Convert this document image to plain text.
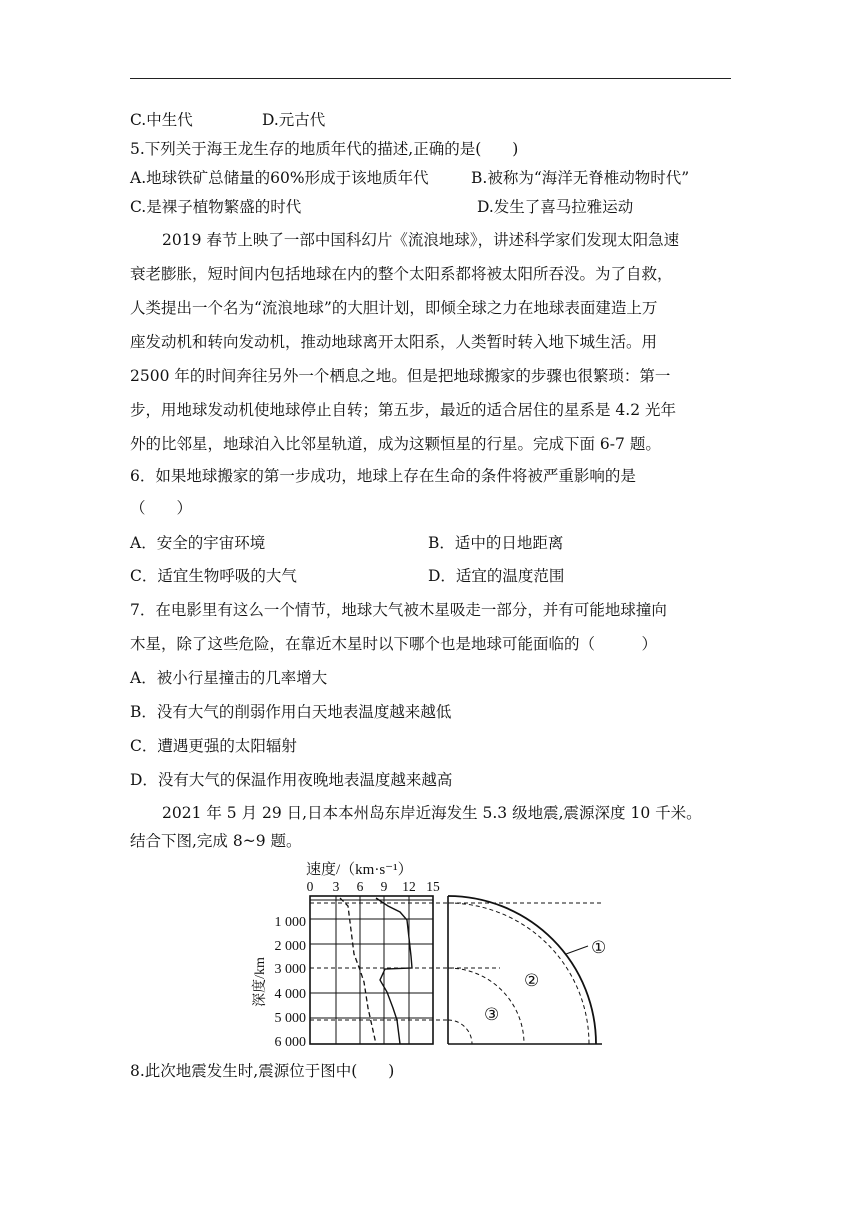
C.中生代	D.元古代
5.下列关于海王龙生存的地质年代的描述,正确的是(　　)
A.地球铁矿总储量的60%形成于该地质年代	B.被称为“海洋无脊椎动物时代”
C.是裸子植物繁盛的时代	D.发生了喜马拉雅运动
2019 春节上映了一部中国科幻片《流浪地球》，讲述科学家们发现太阳急速
衰老膨胀，短时间内包括地球在内的整个太阳系都将被太阳所吞没。为了自救，
人类提出一个名为“流浪地球”的大胆计划，即倾全球之力在地球表面建造上万
座发动机和转向发动机，推动地球离开太阳系，人类暂时转入地下城生活。用
2500 年的时间奔往另外一个栖息之地。但是把地球搬家的步骤也很繁琐：第一
步，用地球发动机使地球停止自转；第五步，最近的适合居住的星系是 4.2 光年
外的比邻星，地球泊入比邻星轨道，成为这颗恒星的行星。完成下面 6-7 题。
6．如果地球搬家的第一步成功，地球上存在生命的条件将被严重影响的是
（　　）
A．安全的宇宙环境	B．适中的日地距离
C．适宜生物呼吸的大气	D．适宜的温度范围
7．在电影里有这么一个情节，地球大气被木星吸走一部分，并有可能地球撞向
木星，除了这些危险，在靠近木星时以下哪个也是地球可能面临的（　　　）
A．被小行星撞击的几率增大
B．没有大气的削弱作用白天地表温度越来越低
C．遭遇更强的太阳辐射
D．没有大气的保温作用夜晚地表温度越来越高
2021 年 5 月 29 日,日本本州岛东岸近海发生 5.3 级地震,震源深度 10 千米。
结合下图,完成 8~9 题。
速度/（km·s⁻¹）
0 3 6 9 12 15
1 000
2 000
3 000
4 000
5 000
6 000
深度/km
①
②
③
8.此次地震发生时,震源位于图中(　　)
